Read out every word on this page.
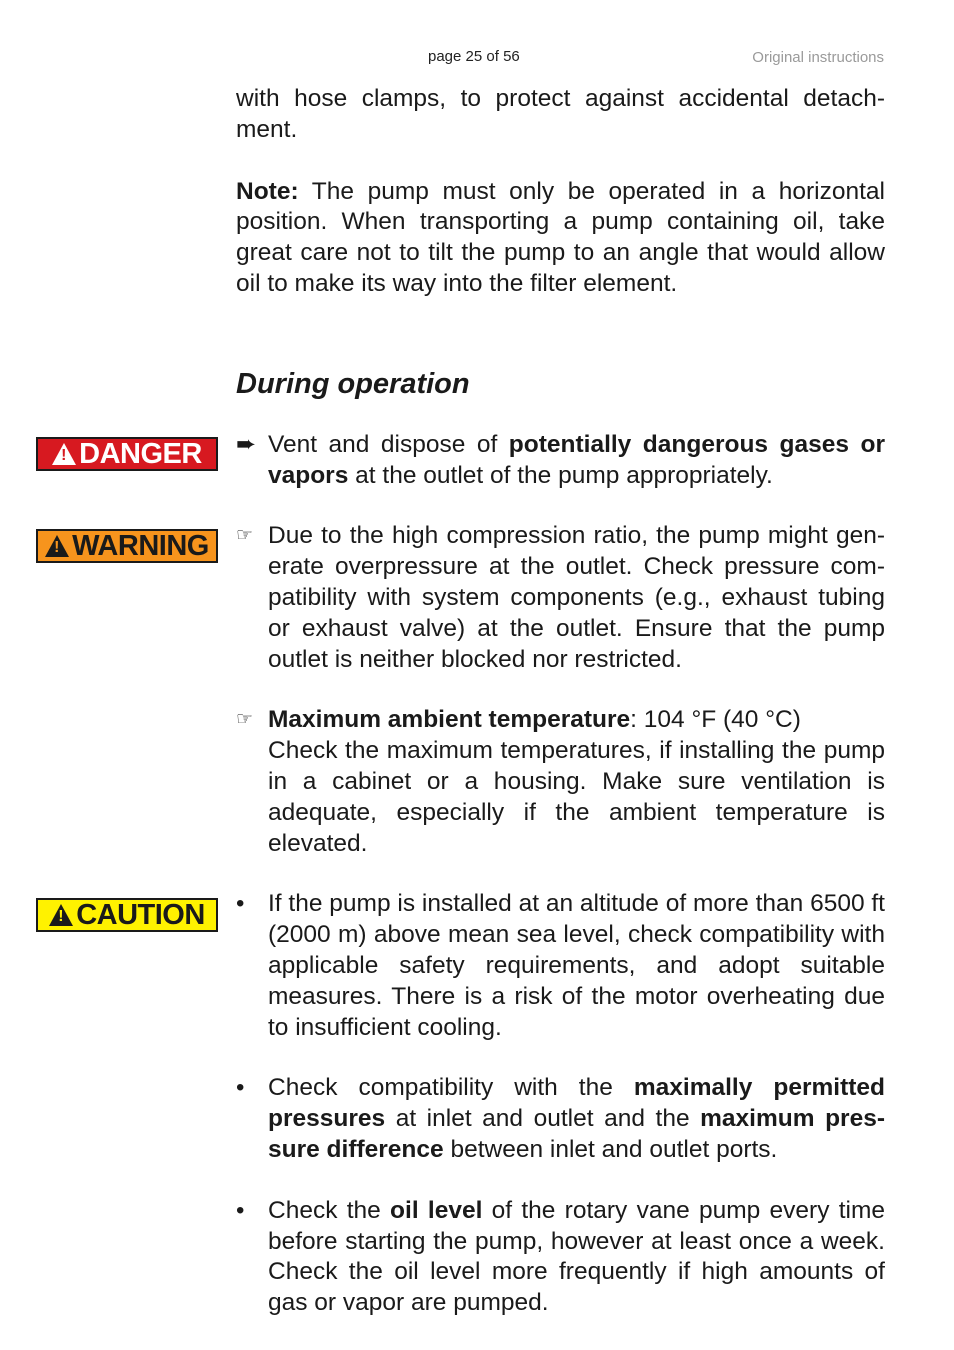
page 25 of 56	Original instructions
! DANGER
! WARNING
! CAUTION

with hose clamps, to protect against accidental detach-ment.

Note: The pump must only be operated in a horizontal position. When transporting a pump containing oil, take great care not to tilt the pump to an angle that would allow oil to make its way into the filter element.

During operation
➨ Vent and dispose of potentially dangerous gases or vapors at the outlet of the pump appropriately.

☞ Due to the high compression ratio, the pump might gen-erate overpressure at the outlet. Check pressure com-patibility with system components (e.g., exhaust tubing or exhaust valve) at the outlet. Ensure that the pump outlet is neither blocked nor restricted.

☞ Maximum ambient temperature: 104 °F (40 °C)
Check the maximum temperatures, if installing the pump in a cabinet or a housing. Make sure ventilation is adequate, especially if the ambient temperature is elevated.

• If the pump is installed at an altitude of more than 6500 ft (2000 m) above mean sea level, check compatibility with applicable safety requirements, and adopt suitable measures. There is a risk of the motor overheating due to insufficient cooling.

• Check compatibility with the maximally permitted pressures at inlet and outlet and the maximum pres-sure difference between inlet and outlet ports.

• Check the oil level of the rotary vane pump every time before starting the pump, however at least once a week. Check the oil level more frequently if high amounts of gas or vapor are pumped.
